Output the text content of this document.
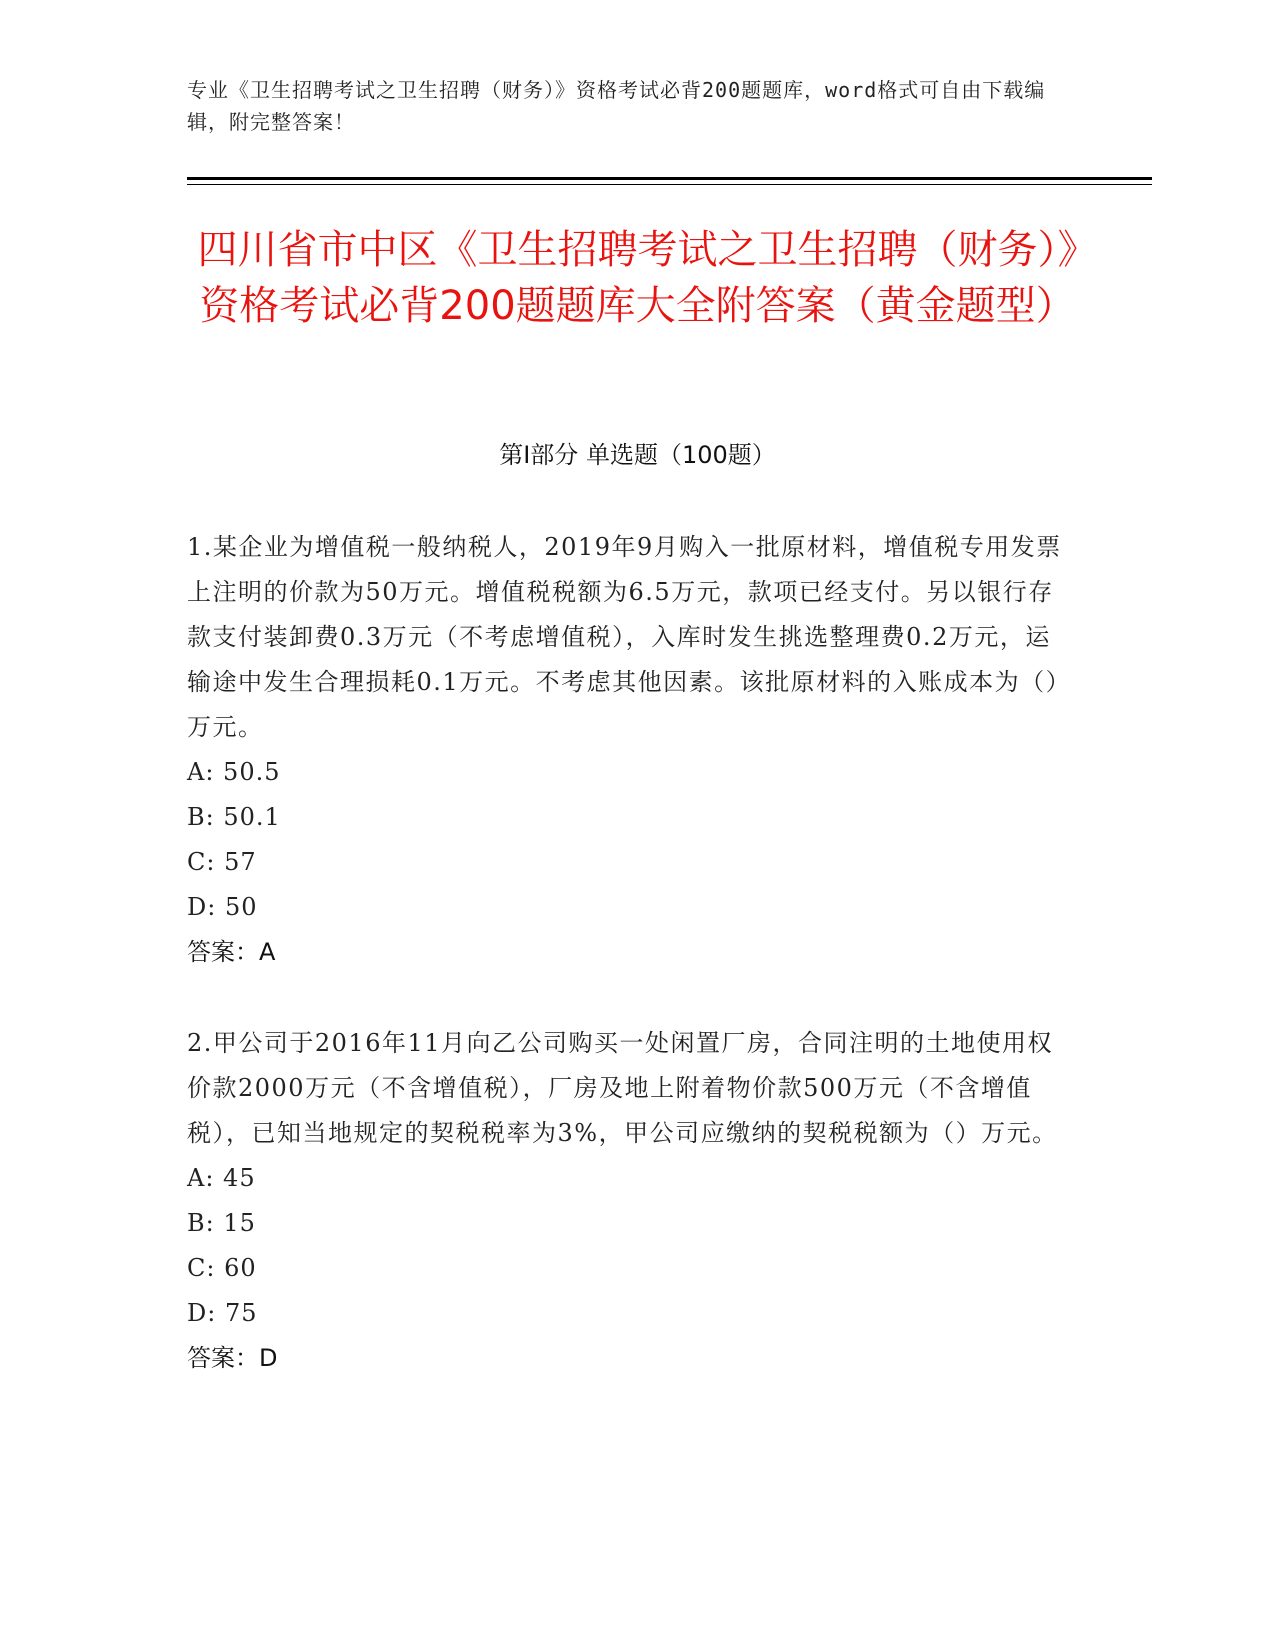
专业《卫生招聘考试之卫生招聘（财务）》资格考试必背200题题库，word格式可自由下载编辑，附完整答案！
四川省市中区《卫生招聘考试之卫生招聘（财务）》资格考试必背200题题库大全附答案（黄金题型）
第I部分 单选题（100题）

1.某企业为增值税一般纳税人，2019年9月购入一批原材料，增值税专用发票上注明的价款为50万元。增值税税额为6.5万元，款项已经支付。另以银行存款支付装卸费0.3万元（不考虑增值税），入库时发生挑选整理费0.2万元，运输途中发生合理损耗0.1万元。不考虑其他因素。该批原材料的入账成本为（）万元。

A: 50.5
B: 50.1
C: 57
D: 50
答案：A

2.甲公司于2016年11月向乙公司购买一处闲置厂房，合同注明的土地使用权价款2000万元（不含增值税），厂房及地上附着物价款500万元（不含增值税），已知当地规定的契税税率为3%，甲公司应缴纳的契税税额为（）万元。

A: 45
B: 15
C: 60
D: 75
答案：D
